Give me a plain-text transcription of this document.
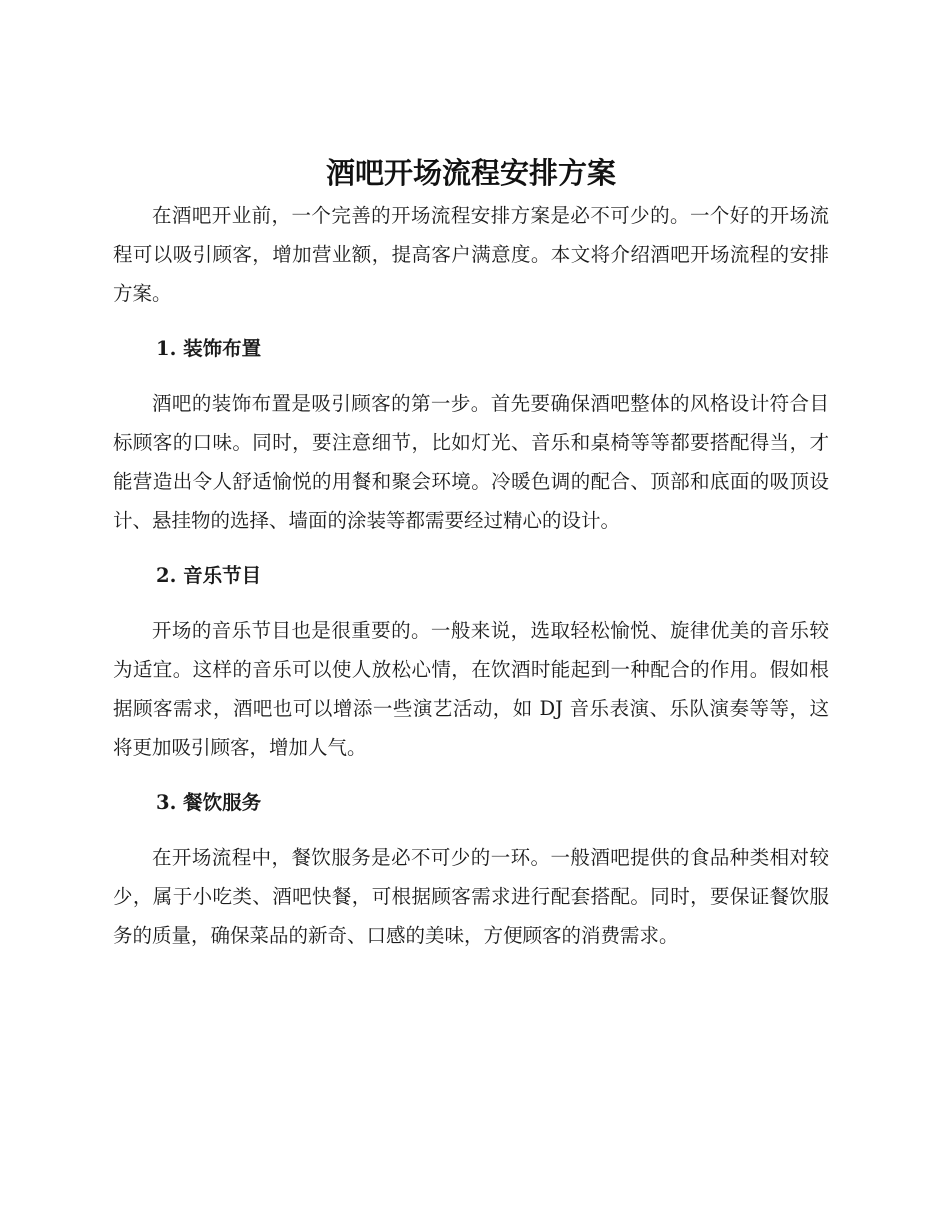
酒吧开场流程安排方案

在酒吧开业前，一个完善的开场流程安排方案是必不可少的。一个好的开场流程可以吸引顾客，增加营业额，提高客户满意度。本文将介绍酒吧开场流程的安排方案。

1. 装饰布置

酒吧的装饰布置是吸引顾客的第一步。首先要确保酒吧整体的风格设计符合目标顾客的口味。同时，要注意细节，比如灯光、音乐和桌椅等等都要搭配得当，才能营造出令人舒适愉悦的用餐和聚会环境。冷暖色调的配合、顶部和底面的吸顶设计、悬挂物的选择、墙面的涂装等都需要经过精心的设计。

2. 音乐节目

开场的音乐节目也是很重要的。一般来说，选取轻松愉悦、旋律优美的音乐较为适宜。这样的音乐可以使人放松心情，在饮酒时能起到一种配合的作用。假如根据顾客需求，酒吧也可以增添一些演艺活动，如 DJ 音乐表演、乐队演奏等等，这将更加吸引顾客，增加人气。

3. 餐饮服务

在开场流程中，餐饮服务是必不可少的一环。一般酒吧提供的食品种类相对较少，属于小吃类、酒吧快餐，可根据顾客需求进行配套搭配。同时，要保证餐饮服务的质量，确保菜品的新奇、口感的美味，方便顾客的消费需求。
